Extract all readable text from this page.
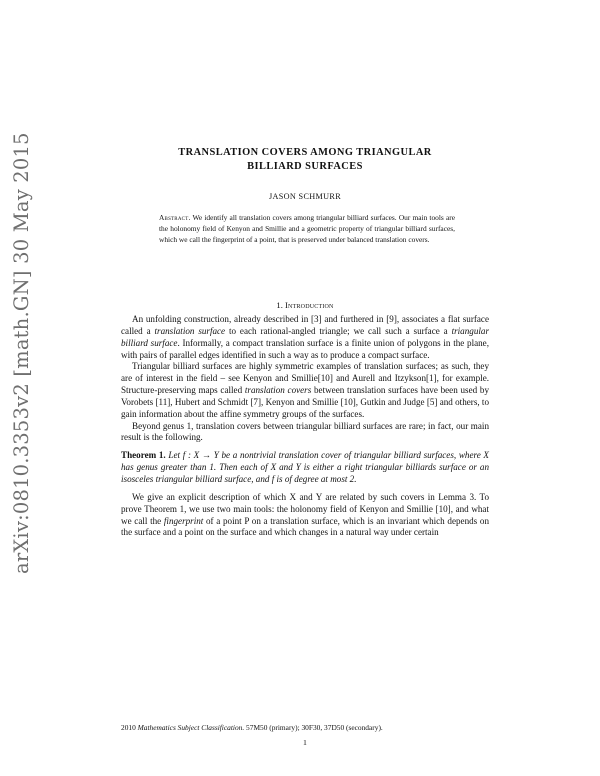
arXiv:0810.3353v2 [math.GN] 30 May 2015	TRANSLATION COVERS AMONG TRIANGULAR
BILLIARD SURFACES
JASON SCHMURR
Abstract. We identify all translation covers among triangular billiard surfaces. Our main tools are the holonomy field of Kenyon and Smillie and a geometric property of triangular billiard surfaces, which we call the fingerprint of a point, that is preserved under balanced translation covers.
1. Introduction

An unfolding construction, already described in [3] and furthered in [9], associates a flat surface called a translation surface to each rational-angled triangle; we call such a surface a triangular billiard surface. Informally, a compact translation surface is a finite union of polygons in the plane, with pairs of parallel edges identified in such a way as to produce a compact surface.

Triangular billiard surfaces are highly symmetric examples of translation surfaces; as such, they are of interest in the field – see Kenyon and Smillie[10] and Aurell and Itzykson[1], for example. Structure-preserving maps called translation covers between translation surfaces have been used by Vorobets [11], Hubert and Schmidt [7], Kenyon and Smillie [10], Gutkin and Judge [5] and others, to gain information about the affine symmetry groups of the surfaces.

Beyond genus 1, translation covers between triangular billiard surfaces are rare; in fact, our main result is the following.

Theorem 1. Let f : X → Y be a nontrivial translation cover of triangular billiard surfaces, where X has genus greater than 1. Then each of X and Y is either a right triangular billiards surface or an isosceles triangular billiard surface, and f is of degree at most 2.

We give an explicit description of which X and Y are related by such covers in Lemma 3. To prove Theorem 1, we use two main tools: the holonomy field of Kenyon and Smillie [10], and what we call the fingerprint of a point P on a translation surface, which is an invariant which depends on the surface and a point on the surface and which changes in a natural way under certain

2010 Mathematics Subject Classification. 57M50 (primary); 30F30, 37D50 (secondary).
1
